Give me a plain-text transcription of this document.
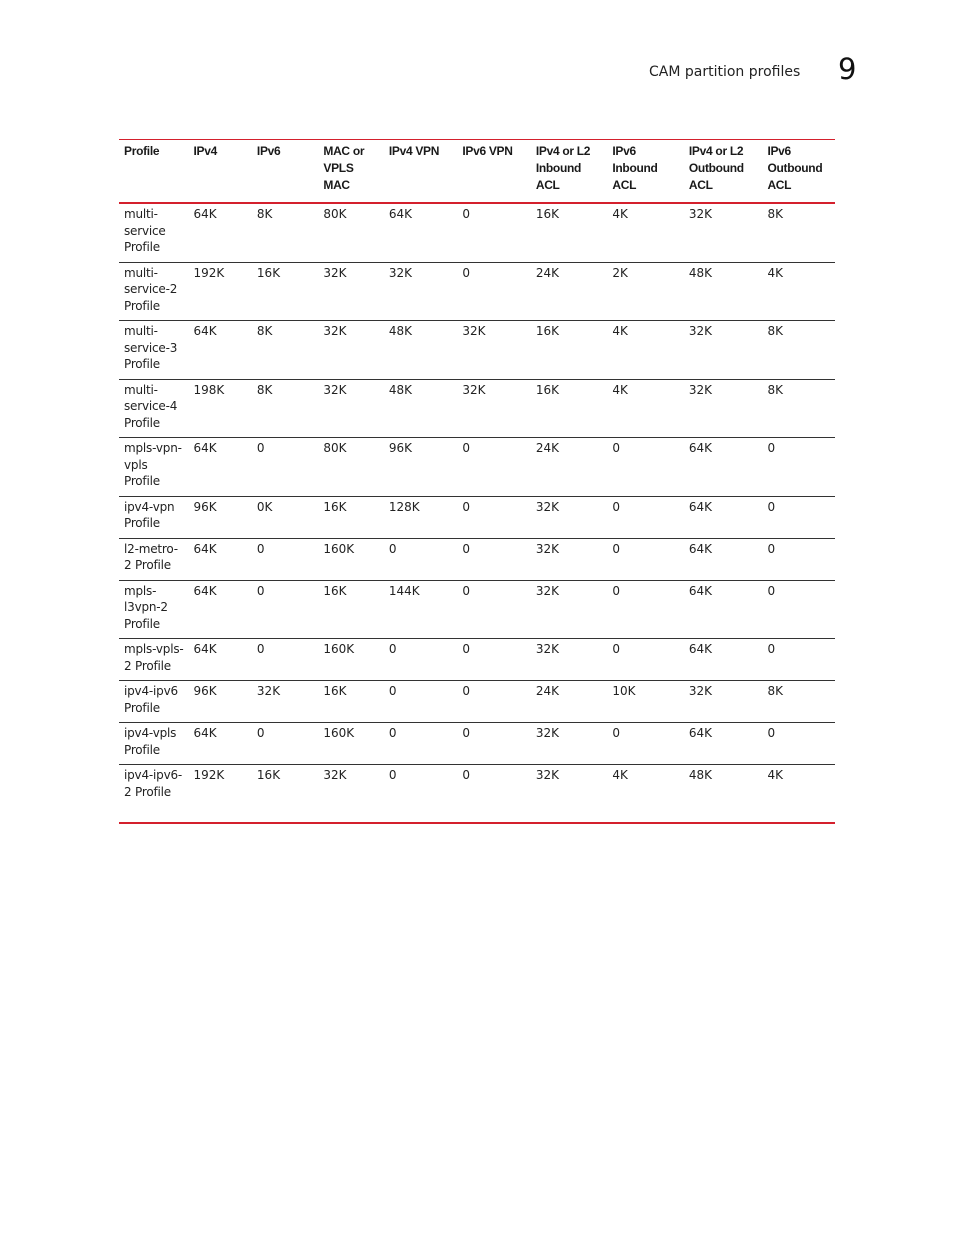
CAM partition profiles 9
Profile	IPv4	IPv6	MAC or VPLS MAC	IPv4 VPN	IPv6 VPN	IPv4 or L2 Inbound ACL	IPv6 Inbound ACL	IPv4 or L2 Outbound ACL	IPv6 Outbound ACL
multi-service Profile	64K	8K	80K	64K	0	16K	4K	32K	8K
multi-service-2 Profile	192K	16K	32K	32K	0	24K	2K	48K	4K
multi-service-3 Profile	64K	8K	32K	48K	32K	16K	4K	32K	8K
multi-service-4 Profile	198K	8K	32K	48K	32K	16K	4K	32K	8K
mpls-vpn-vpls Profile	64K	0	80K	96K	0	24K	0	64K	0
ipv4-vpn Profile	96K	0K	16K	128K	0	32K	0	64K	0
l2-metro-2 Profile	64K	0	160K	0	0	32K	0	64K	0
mpls-l3vpn-2 Profile	64K	0	16K	144K	0	32K	0	64K	0
mpls-vpls-2 Profile	64K	0	160K	0	0	32K	0	64K	0
ipv4-ipv6 Profile	96K	32K	16K	0	0	24K	10K	32K	8K
ipv4-vpls Profile	64K	0	160K	0	0	32K	0	64K	0
ipv4-ipv6-2 Profile	192K	16K	32K	0	0	32K	4K	48K	4K
